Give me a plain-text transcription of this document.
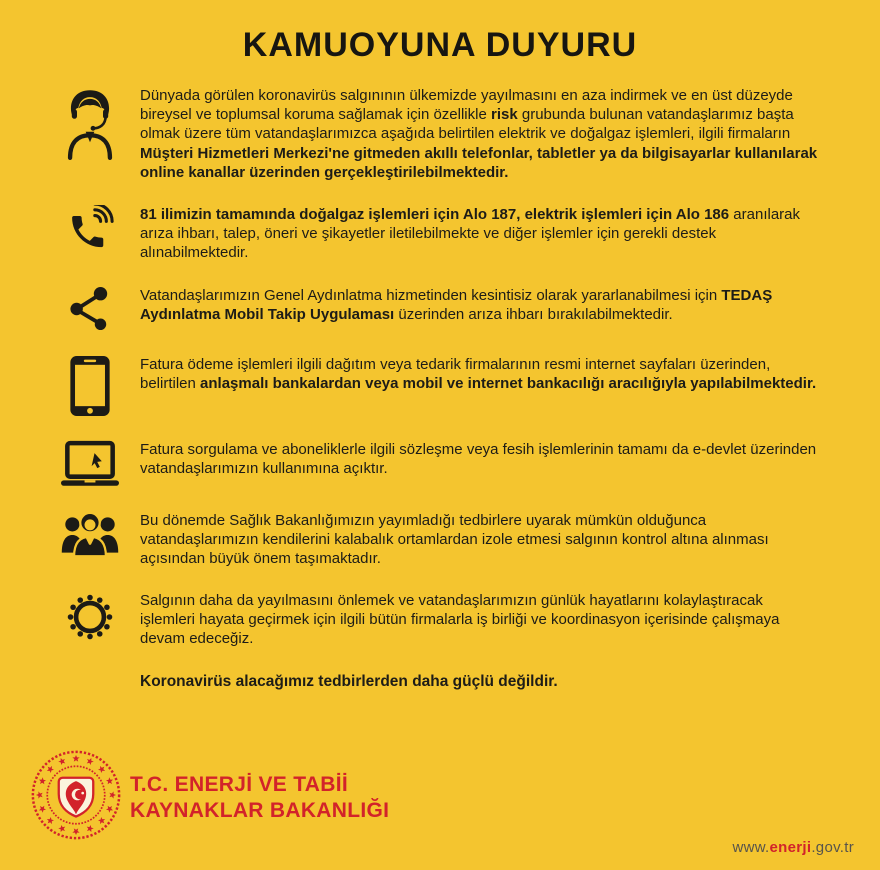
KAMUOYUNA DUYURU

Dünyada görülen koronavirüs salgınının ülkemizde yayılmasını en aza indirmek ve en üst düzeyde bireysel ve toplumsal koruma sağlamak için özellikle risk grubunda bulunan vatandaşlarımız başta olmak üzere tüm vatandaşlarımızca aşağıda belirtilen elektrik ve doğalgaz işlemleri, ilgili firmaların Müşteri Hizmetleri Merkezi'ne gitmeden akıllı telefonlar, tabletler ya da bilgisayarlar kullanılarak online kanallar üzerinden gerçekleştirilebilmektedir.

81 ilimizin tamamında doğalgaz işlemleri için Alo 187, elektrik işlemleri için Alo 186 aranılarak arıza ihbarı, talep, öneri ve şikayetler iletilebilmekte ve diğer işlemler için gerekli destek alınabilmektedir.

Vatandaşlarımızın Genel Aydınlatma hizmetinden kesintisiz olarak yararlanabilmesi için TEDAŞ Aydınlatma Mobil Takip Uygulaması üzerinden arıza ihbarı bırakılabilmektedir.

Fatura ödeme işlemleri ilgili dağıtım veya tedarik firmalarının resmi internet sayfaları üzerinden, belirtilen anlaşmalı bankalardan veya mobil ve internet bankacılığı aracılığıyla yapılabilmektedir.

Fatura sorgulama ve aboneliklerle ilgili sözleşme veya fesih işlemlerinin tamamı da e-devlet üzerinden vatandaşlarımızın kullanımına açıktır.

Bu dönemde Sağlık Bakanlığımızın yayımladığı tedbirlere uyarak mümkün olduğunca vatandaşlarımızın kendilerini kalabalık ortamlardan izole etmesi salgının kontrol altına alınması açısından büyük önem taşımaktadır.

Salgının daha da yayılmasını önlemek ve vatandaşlarımızın günlük hayatlarını kolaylaştıracak işlemleri hayata geçirmek için ilgili bütün firmalarla iş birliği ve koordinasyon içerisinde çalışmaya devam edeceğiz.

Koronavirüs alacağımız tedbirlerden daha güçlü değildir.

T.C. ENERJİ VE TABİİ
KAYNAKLAR BAKANLIĞI
www.enerji.gov.tr
